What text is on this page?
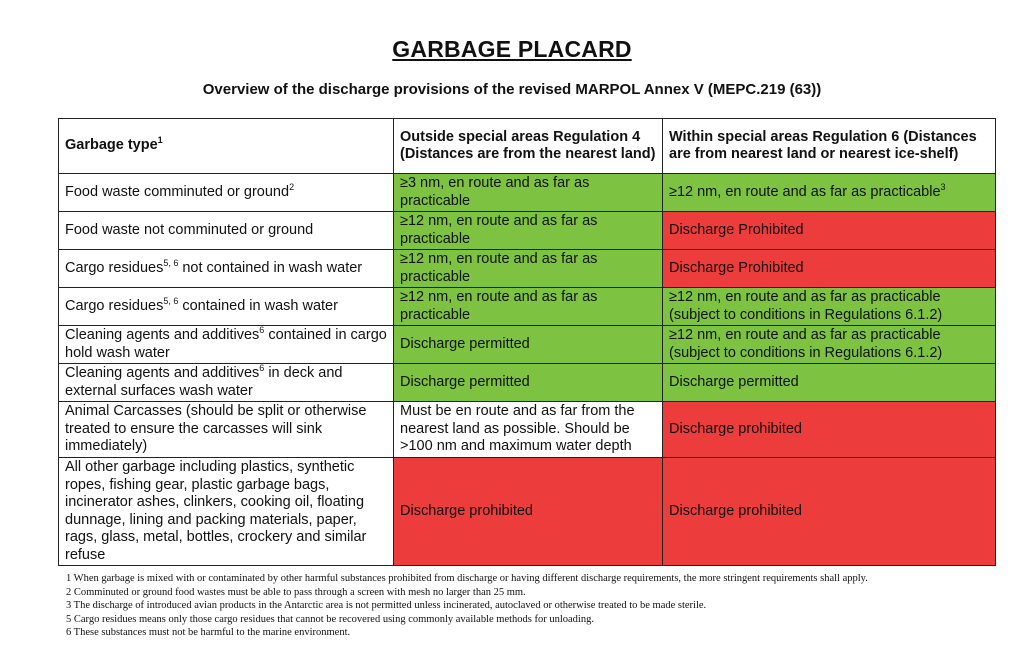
GARBAGE PLACARD
Overview of the discharge provisions of the revised MARPOL Annex V (MEPC.219 (63))
Garbage type$^1$	Outside special areas Regulation 4 (Distances are from the nearest land)	Within special areas Regulation 6 (Distances are from nearest land or nearest ice-shelf)
Food waste comminuted or ground$^2$	≥3 nm, en route and as far as practicable	≥12 nm, en route and as far as practicable$^3$
Food waste not comminuted or ground	≥12 nm, en route and as far as practicable	Discharge Prohibited
Cargo residues$^{5, 6}$ not contained in wash water	≥12 nm, en route and as far as practicable	Discharge Prohibited
Cargo residues$^{5, 6}$ contained in wash water	≥12 nm, en route and as far as practicable	≥12 nm, en route and as far as practicable (subject to conditions in Regulations 6.1.2)
Cleaning agents and additives$^6$ contained in cargo hold wash water	Discharge permitted	≥12 nm, en route and as far as practicable (subject to conditions in Regulations 6.1.2)
Cleaning agents and additives$^6$ in deck and external surfaces wash water	Discharge permitted	Discharge permitted
Animal Carcasses (should be split or otherwise treated to ensure the carcasses will sink immediately)	Must be en route and as far from the nearest land as possible. Should be >100 nm and maximum water depth	Discharge prohibited
All other garbage including plastics, synthetic ropes, fishing gear, plastic garbage bags, incinerator ashes, clinkers, cooking oil, floating dunnage, lining and packing materials, paper, rags, glass, metal, bottles, crockery and similar refuse	Discharge prohibited	Discharge prohibited
1 When garbage is mixed with or contaminated by other harmful substances prohibited from discharge or having different discharge requirements, the more stringent requirements shall apply.
2 Comminuted or ground food wastes must be able to pass through a screen with mesh no larger than 25 mm.
3 The discharge of introduced avian products in the Antarctic area is not permitted unless incinerated, autoclaved or otherwise treated to be made sterile.
5 Cargo residues means only those cargo residues that cannot be recovered using commonly available methods for unloading.
6 These substances must not be harmful to the marine environment.
